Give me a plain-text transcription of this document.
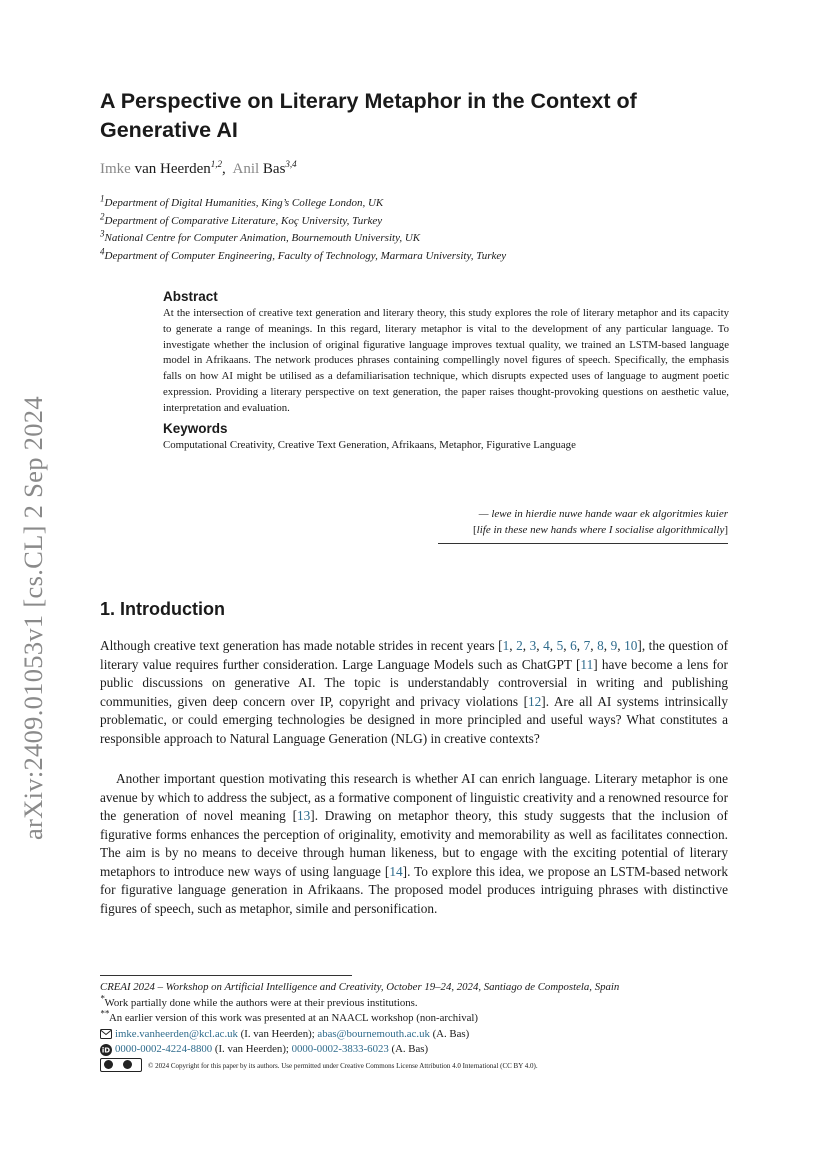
arXiv:2409.01053v1 [cs.CL] 2 Sep 2024
A Perspective on Literary Metaphor in the Context of Generative AI
Imke van Heerden$^{1,2}$,  Anil Bas$^{3,4}$
$^1$Department of Digital Humanities, King’s College London, UK
$^2$Department of Comparative Literature, Koç University, Turkey
$^3$National Centre for Computer Animation, Bournemouth University, UK
$^4$Department of Computer Engineering, Faculty of Technology, Marmara University, Turkey
Abstract

At the intersection of creative text generation and literary theory, this study explores the role of literary metaphor and its capacity to generate a range of meanings. In this regard, literary metaphor is vital to the development of any particular language. To investigate whether the inclusion of original figurative language improves textual quality, we trained an LSTM-based language model in Afrikaans. The network produces phrases containing compellingly novel figures of speech. Specifically, the emphasis falls on how AI might be utilised as a defamiliarisation technique, which disrupts expected uses of language to augment poetic expression. Providing a literary perspective on text generation, the paper raises thought-provoking questions on aesthetic value, interpretation and evaluation.

Keywords

Computational Creativity, Creative Text Generation, Afrikaans, Metaphor, Figurative Language

— lewe in hierdie nuwe hande waar ek algoritmies kuier
[life in these new hands where I socialise algorithmically]
1. Introduction

Although creative text generation has made notable strides in recent years [1, 2, 3, 4, 5, 6, 7, 8, 9, 10], the question of literary value requires further consideration. Large Language Models such as ChatGPT [11] have become a lens for public discussions on generative AI. The topic is understandably controversial in writing and publishing communities, given deep concern over IP, copyright and privacy violations [12]. Are all AI systems intrinsically problematic, or could emerging technologies be designed in more principled and useful ways? What constitutes a responsible approach to Natural Language Generation (NLG) in creative contexts?

Another important question motivating this research is whether AI can enrich language. Literary metaphor is one avenue by which to address the subject, as a formative component of linguistic creativity and a renowned resource for the generation of novel meaning [13]. Drawing on metaphor theory, this study suggests that the inclusion of figurative forms enhances the perception of originality, emotivity and memorability as well as facilitates connection. The aim is by no means to deceive through human likeness, but to engage with the exciting potential of literary metaphors to introduce new ways of using language [14]. To explore this idea, we propose an LSTM-based network for figurative language generation in Afrikaans. The proposed model produces intriguing phrases with distinctive figures of speech, such as metaphor, simile and personification.

CREAI 2024 – Workshop on Artificial Intelligence and Creativity, October 19–24, 2024, Santiago de Compostela, Spain
*Work partially done while the authors were at their previous institutions.
**An earlier version of this work was presented at an NAACL workshop (non-archival)
imke.vanheerden@kcl.ac.uk (I. van Heerden); abas@bournemouth.ac.uk (A. Bas)
iD 0000-0002-4224-8800 (I. van Heerden); 0000-0002-3833-6023 (A. Bas)
© 2024 Copyright for this paper by its authors. Use permitted under Creative Commons License Attribution 4.0 International (CC BY 4.0).
